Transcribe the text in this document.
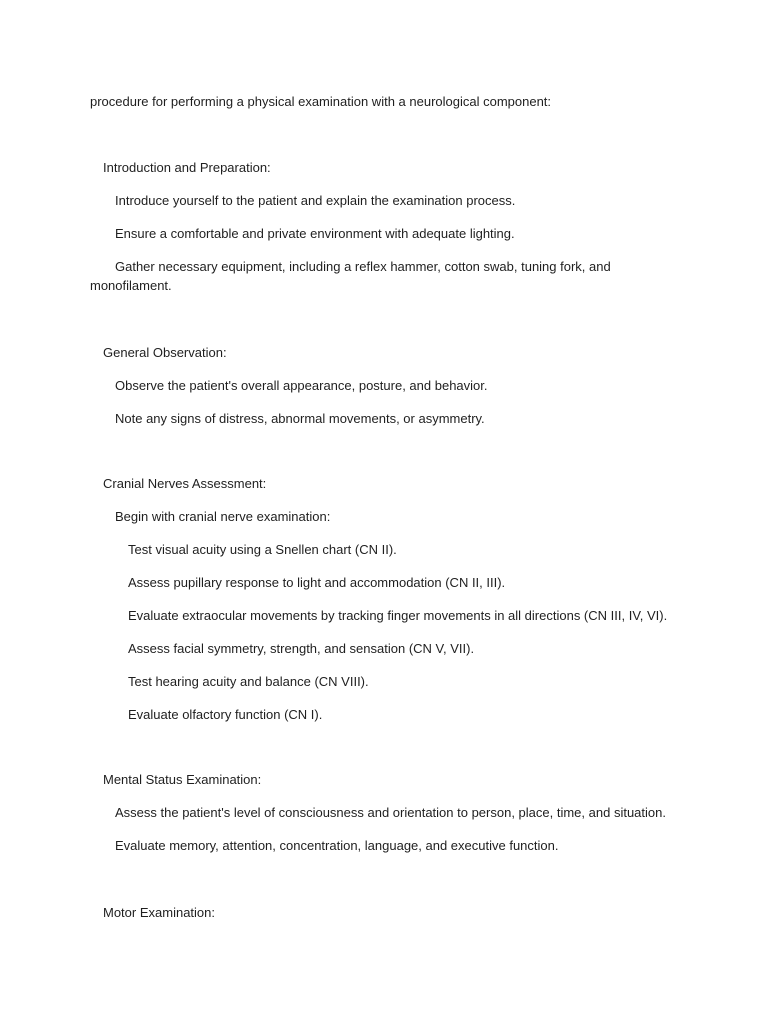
procedure for performing a physical examination with a neurological component:
Introduction and Preparation:
Introduce yourself to the patient and explain the examination process.
Ensure a comfortable and private environment with adequate lighting.
Gather necessary equipment, including a reflex hammer, cotton swab, tuning fork, and
monofilament.
General Observation:
Observe the patient's overall appearance, posture, and behavior.
Note any signs of distress, abnormal movements, or asymmetry.
Cranial Nerves Assessment:
Begin with cranial nerve examination:
Test visual acuity using a Snellen chart (CN II).
Assess pupillary response to light and accommodation (CN II, III).
Evaluate extraocular movements by tracking finger movements in all directions (CN III, IV, VI).
Assess facial symmetry, strength, and sensation (CN V, VII).
Test hearing acuity and balance (CN VIII).
Evaluate olfactory function (CN I).
Mental Status Examination:
Assess the patient's level of consciousness and orientation to person, place, time, and situation.
Evaluate memory, attention, concentration, language, and executive function.
Motor Examination:
